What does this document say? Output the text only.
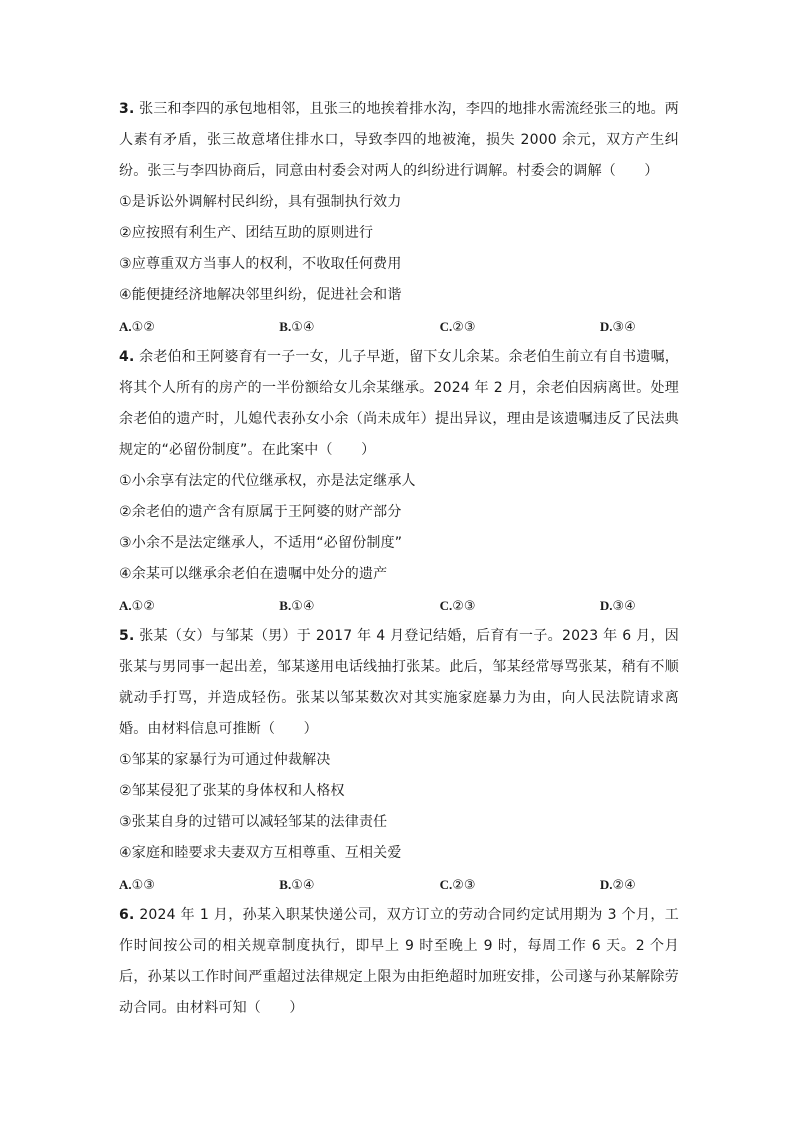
3. 张三和李四的承包地相邻，且张三的地挨着排水沟，李四的地排水需流经张三的地。两人素有矛盾，张三故意堵住排水口，导致李四的地被淹，损失 2000 余元，双方产生纠纷。张三与李四协商后，同意由村委会对两人的纠纷进行调解。村委会的调解（　　）

①是诉讼外调解村民纠纷，具有强制执行效力

②应按照有利生产、团结互助的原则进行

③应尊重双方当事人的权利，不收取任何费用

④能便捷经济地解决邻里纠纷，促进社会和谐

A.①②	B.①④	C.②③	D.③④

4. 余老伯和王阿婆育有一子一女，儿子早逝，留下女儿余某。余老伯生前立有自书遗嘱，将其个人所有的房产的一半份额给女儿余某继承。2024 年 2 月，余老伯因病离世。处理余老伯的遗产时，儿媳代表孙女小余（尚未成年）提出异议，理由是该遗嘱违反了民法典规定的“必留份制度”。在此案中（　　）

①小余享有法定的代位继承权，亦是法定继承人

②余老伯的遗产含有原属于王阿婆的财产部分

③小余不是法定继承人，不适用“必留份制度”

④余某可以继承余老伯在遗嘱中处分的遗产

A.①②	B.①④	C.②③	D.③④

5. 张某（女）与邹某（男）于 2017 年 4 月登记结婚，后育有一子。2023 年 6 月，因张某与男同事一起出差，邹某遂用电话线抽打张某。此后，邹某经常辱骂张某，稍有不顺就动手打骂，并造成轻伤。张某以邹某数次对其实施家庭暴力为由，向人民法院请求离婚。由材料信息可推断（　　）

①邹某的家暴行为可通过仲裁解决

②邹某侵犯了张某的身体权和人格权

③张某自身的过错可以减轻邹某的法律责任

④家庭和睦要求夫妻双方互相尊重、互相关爱

A.①③	B.①④	C.②③	D.②④

6. 2024 年 1 月，孙某入职某快递公司，双方订立的劳动合同约定试用期为 3 个月，工作时间按公司的相关规章制度执行，即早上 9 时至晚上 9 时，每周工作 6 天。2 个月后，孙某以工作时间严重超过法律规定上限为由拒绝超时加班安排，公司遂与孙某解除劳动合同。由材料可知（　　）
